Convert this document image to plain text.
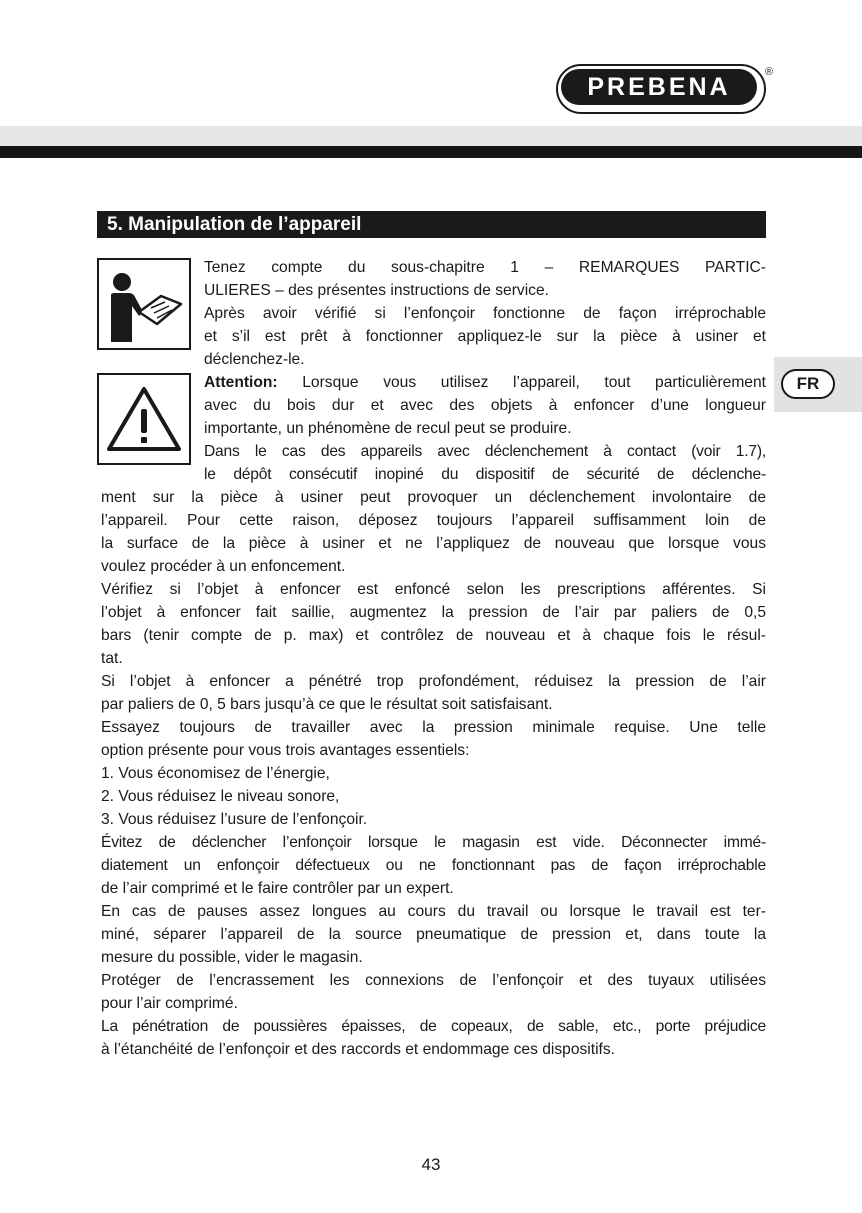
PREBENA
®
5. Manipulation de l’appareil
FR
Tenez compte du sous-chapitre 1 – REMARQUES PARTIC-
ULIERES – des présentes instructions de service.
Après avoir vérifié si l’enfonçoir fonctionne de façon irréprochable
et s’il est prêt à fonctionner appliquez-le sur la pièce à usiner et
déclenchez-le.
Attention: Lorsque vous utilisez l’appareil, tout particulièrement
avec du bois dur et avec des objets à enfoncer d’une longueur
importante, un phénomène de recul peut se produire.
Dans le cas des appareils avec déclenchement à contact (voir 1.7),
le dépôt consécutif inopiné du dispositif de sécurité de déclenche-
ment sur la pièce à usiner peut provoquer un déclenchement involontaire de
l’appareil. Pour cette raison, déposez toujours l’appareil suffisamment loin de
la surface de la pièce à usiner et ne l’appliquez de nouveau que lorsque vous
voulez procéder à un enfoncement.
Vérifiez si l’objet à enfoncer est enfoncé selon les prescriptions afférentes. Si
l’objet à enfoncer fait saillie, augmentez la pression de l’air par paliers de 0,5
bars (tenir compte de p. max) et contrôlez de nouveau et à chaque fois le résul-
tat.
Si l’objet à enfoncer a pénétré trop profondément, réduisez la pression de l’air
par paliers de 0, 5 bars jusqu’à ce que le résultat soit satisfaisant.
Essayez toujours de travailler avec la pression minimale requise. Une telle
option présente pour vous trois avantages essentiels:
1. Vous économisez de l’énergie,
2. Vous réduisez le niveau sonore,
3. Vous réduisez l’usure de l’enfonçoir.
Évitez de déclencher l’enfonçoir lorsque le magasin est vide. Déconnecter immé-
diatement un enfonçoir défectueux ou ne fonctionnant pas de façon irréprochable
de l’air comprimé et le faire contrôler par un expert.
En cas de pauses assez longues au cours du travail ou lorsque le travail est ter-
miné, séparer l’appareil de la source pneumatique de pression et, dans toute la
mesure du possible, vider le magasin.
Protéger de l’encrassement les connexions de l’enfonçoir et des tuyaux utilisées
pour l’air comprimé.
La pénétration de poussières épaisses, de copeaux, de sable, etc., porte préjudice
à l’étanchéité de l’enfonçoir et des raccords et endommage ces dispositifs.
43
